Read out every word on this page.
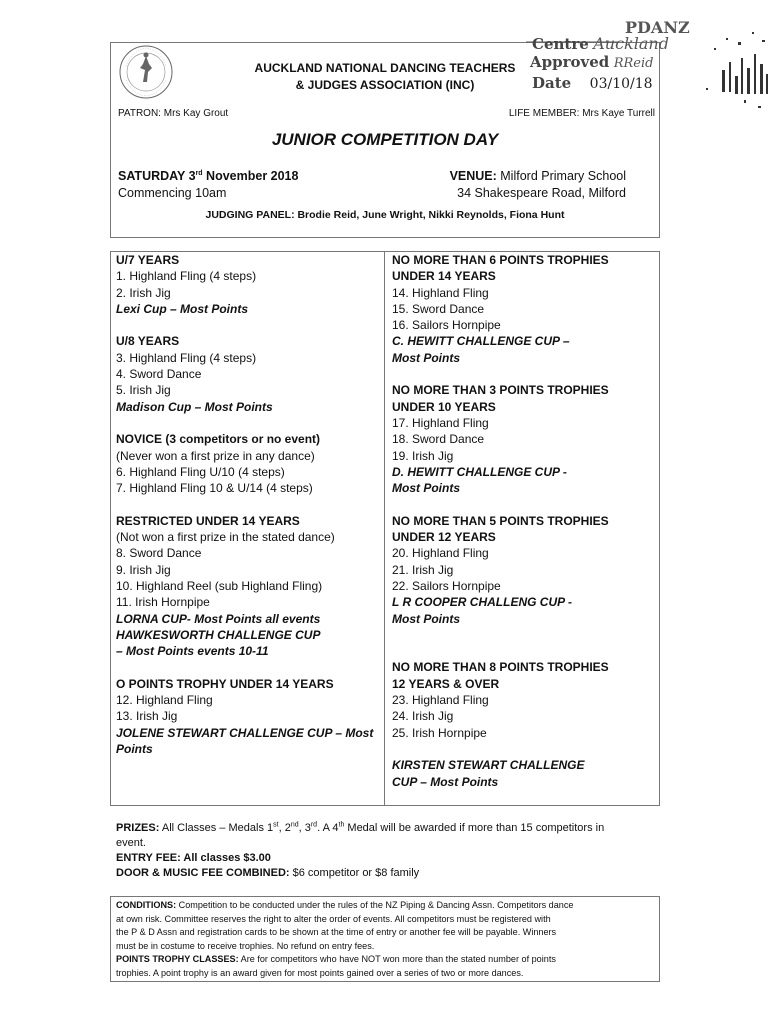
AUCKLAND NATIONAL DANCING TEACHERS
& JUDGES ASSOCIATION (INC)
PATRON: Mrs Kay Grout	LIFE MEMBER: Mrs Kaye Turrell
JUNIOR COMPETITION DAY
SATURDAY 3rd November 2018
Commencing 10am
VENUE: Milford Primary School
34 Shakespeare Road, Milford
JUDGING PANEL: Brodie Reid, June Wright, Nikki Reynolds, Fiona Hunt
PDANZ
Centre Auckland
Approved RReid
Date 03/10/18
U/7 YEARS
1. Highland Fling (4 steps)
2. Irish Jig
Lexi Cup – Most Points
U/8 YEARS
3. Highland Fling (4 steps)
4. Sword Dance
5. Irish Jig
Madison Cup – Most Points
NOVICE (3 competitors or no event)
(Never won a first prize in any dance)
6. Highland Fling U/10 (4 steps)
7. Highland Fling 10 & U/14 (4 steps)
RESTRICTED UNDER 14 YEARS
(Not won a first prize in the stated dance)
8. Sword Dance
9. Irish Jig
10. Highland Reel (sub Highland Fling)
11. Irish Hornpipe
LORNA CUP- Most Points all events
HAWKESWORTH CHALLENGE CUP
– Most Points events 10-11
O POINTS TROPHY UNDER 14 YEARS
12. Highland Fling
13. Irish Jig
JOLENE STEWART CHALLENGE CUP – Most
Points
NO MORE THAN 6 POINTS TROPHIES
UNDER 14 YEARS
14. Highland Fling
15. Sword Dance
16. Sailors Hornpipe
C. HEWITT CHALLENGE CUP –
Most Points
NO MORE THAN 3 POINTS TROPHIES
UNDER 10 YEARS
17. Highland Fling
18. Sword Dance
19. Irish Jig
D. HEWITT CHALLENGE CUP -
Most Points
NO MORE THAN 5 POINTS TROPHIES
UNDER 12 YEARS
20. Highland Fling
21. Irish Jig
22. Sailors Hornpipe
L R COOPER CHALLENG CUP -
Most Points
NO MORE THAN 8 POINTS TROPHIES
12 YEARS & OVER
23. Highland Fling
24. Irish Jig
25. Irish Hornpipe
KIRSTEN STEWART CHALLENGE
CUP – Most Points
PRIZES: All Classes – Medals 1st, 2nd, 3rd. A 4th Medal will be awarded if more than 15 competitors in
event.
ENTRY FEE: All classes $3.00
DOOR & MUSIC FEE COMBINED: $6 competitor or $8 family
CONDITIONS: Competition to be conducted under the rules of the NZ Piping & Dancing Assn. Competitors dance
at own risk. Committee reserves the right to alter the order of events. All competitors must be registered with
the P & D Assn and registration cards to be shown at the time of entry or another fee will be payable. Winners
must be in costume to receive trophies. No refund on entry fees.
POINTS TROPHY CLASSES: Are for competitors who have NOT won more than the stated number of points
trophies. A point trophy is an award given for most points gained over a series of two or more dances.
